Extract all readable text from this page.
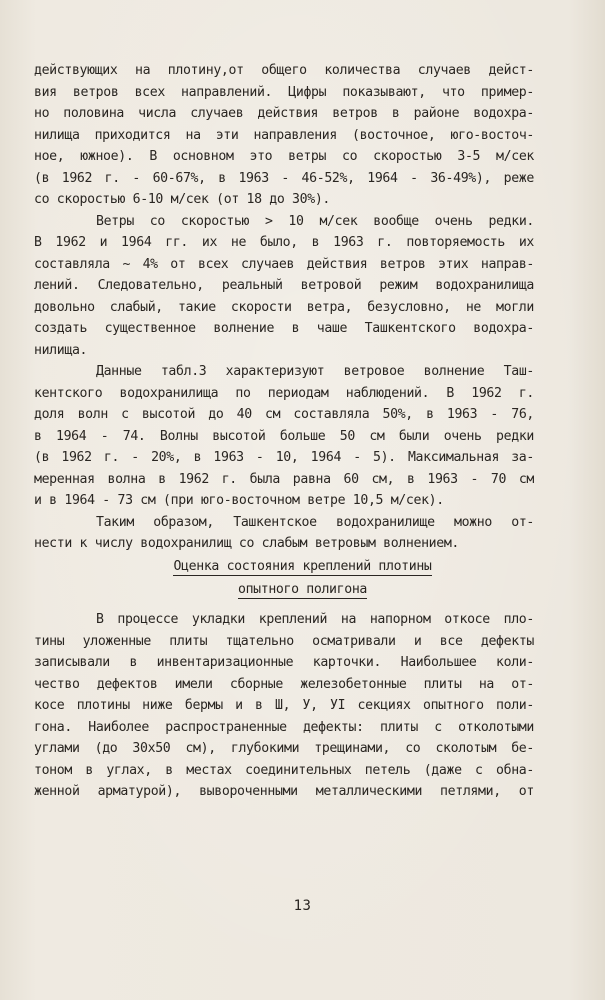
действующих на плотину,от общего количества случаев дейст-
вия ветров всех направлений. Цифры показывают, что пример-
но половина числа случаев действия ветров в районе водохра-
нилища приходится на эти направления (восточное, юго-восточ-
ное, южное). В основном это ветры со скоростью 3-5 м/сек
(в 1962 г. - 60-67%, в 1963 - 46-52%, 1964 - 36-49%), реже
со скоростью 6-10 м/сек (от 18 до 30%).
Ветры со скоростью > 10 м/сек вообще очень редки.
В 1962 и 1964 гг. их не было, в 1963 г. повторяемость их
составляла ~ 4% от всех случаев действия ветров этих направ-
лений. Следовательно, реальный ветровой режим водохранилища
довольно слабый, такие скорости ветра, безусловно, не могли
создать существенное волнение в чаше Ташкентского водохра-
нилища.
Данные табл.3 характеризуют ветровое волнение Таш-
кентского водохранилища по периодам наблюдений. В 1962 г.
доля волн с высотой до 40 см составляла 50%, в 1963 - 76,
в 1964 - 74. Волны высотой больше 50 см были очень редки
(в 1962 г. - 20%, в 1963 - 10, 1964 - 5). Максимальная за-
меренная волна в 1962 г. была равна 60 см, в 1963 - 70 см
и в 1964 - 73 см (при юго-восточном ветре 10,5 м/сек).
Таким образом, Ташкентское водохранилище можно от-
нести к числу водохранилищ со слабым ветровым волнением.
Оценка состояния креплений плотины
опытного полигона
В процессе укладки креплений на напорном откосе пло-
тины уложенные плиты тщательно осматривали и все дефекты
записывали в инвентаризационные карточки. Наибольшее коли-
чество дефектов имели сборные железобетонные плиты на от-
косе плотины ниже бермы и в Ш, У, УI секциях опытного поли-
гона. Наиболее распространенные дефекты: плиты с отколотыми
углами (до 30х50 см), глубокими трещинами, со сколотым бе-
тоном в углах, в местах соединительных петель (даже с обна-
женной арматурой), вывороченными металлическими петлями, от
13
